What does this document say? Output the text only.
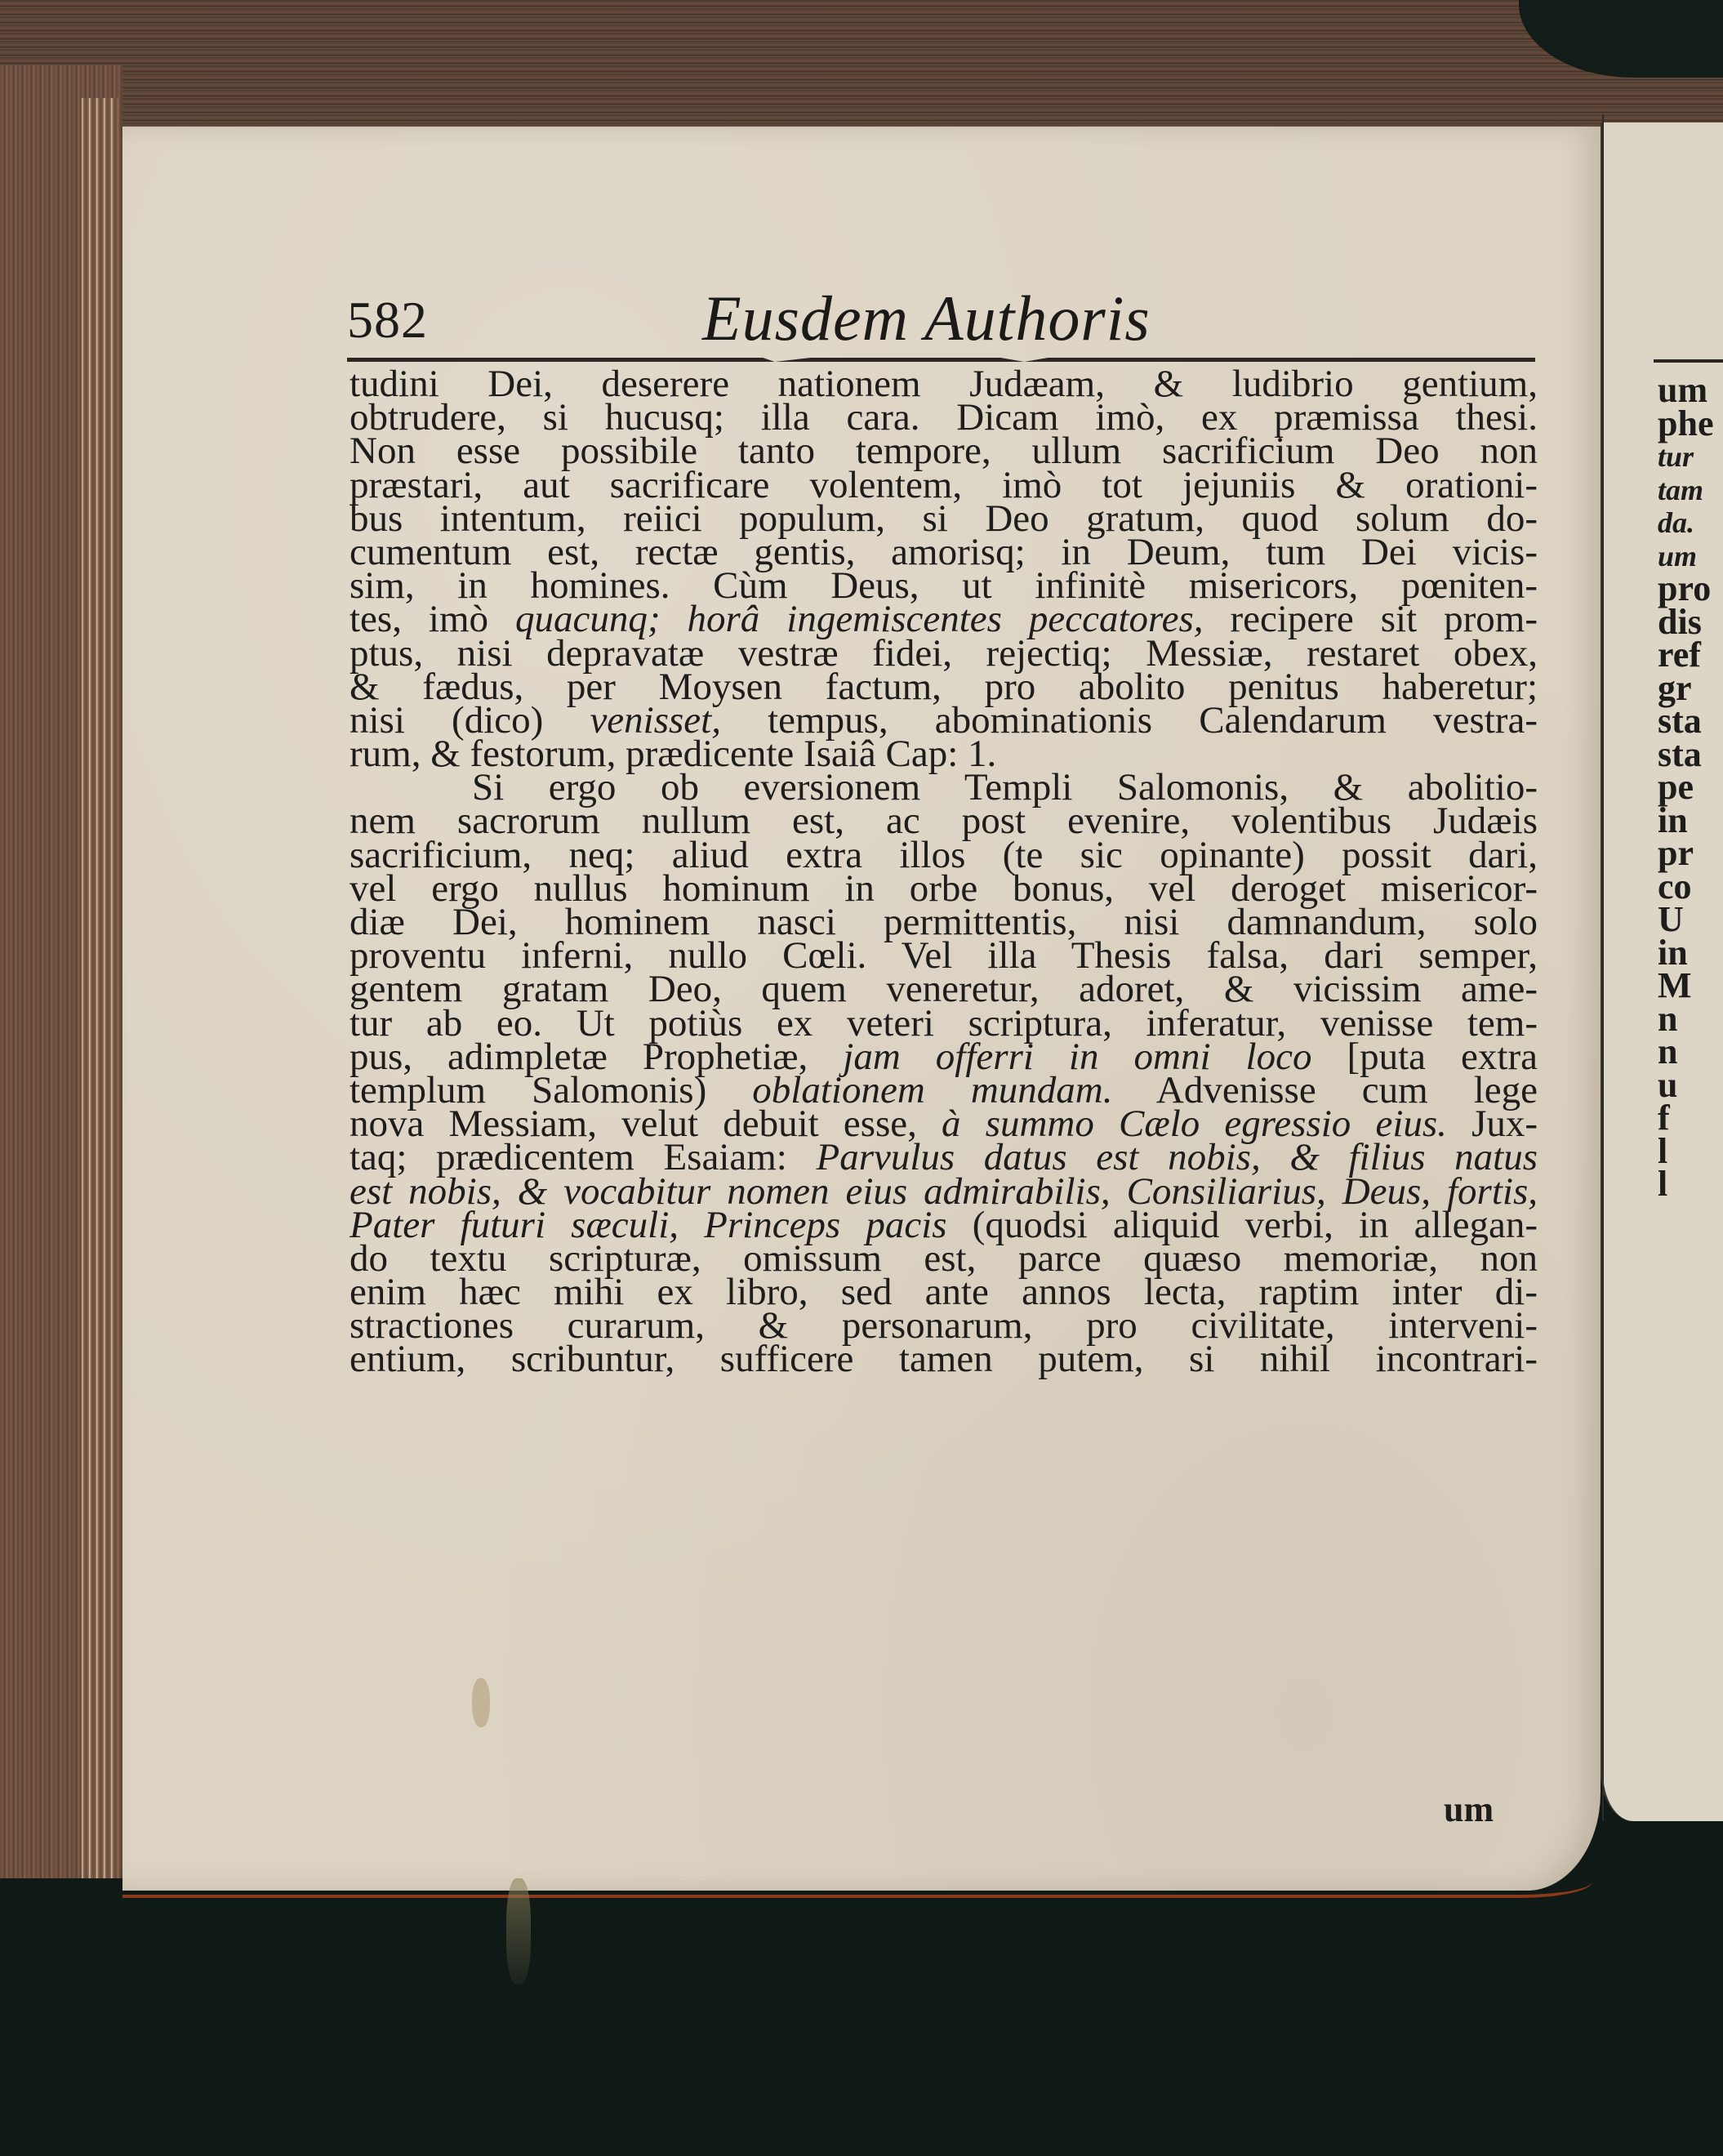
582	Eusdem Authoris
tudini Dei, deserere nationem Judæam, & ludibrio gentium,
obtrudere, si hucusq; illa cara. Dicam imò, ex præmissa thesi.
Non esse possibile tanto tempore, ullum sacrificium Deo non
præstari, aut sacrificare volentem, imò tot jejuniis & orationi-
bus intentum, reiici populum, si Deo gratum, quod solum do-
cumentum est, rectæ gentis, amorisq; in Deum, tum Dei vicis-
sim, in homines. Cùm Deus, ut infinitè misericors, pœniten-
tes, imò quacunq; horâ ingemiscentes peccatores, recipere sit prom-
ptus, nisi depravatæ vestræ fidei, rejectiq; Messiæ, restaret obex,
& fædus, per Moysen factum, pro abolito penitus haberetur;
nisi (dico) venisset, tempus, abominationis Calendarum vestra-
rum, & festorum, prædicente Isaiâ Cap: 1.
Si ergo ob eversionem Templi Salomonis, & abolitio-
nem sacrorum nullum est, ac post evenire, volentibus Judæis
sacrificium, neq; aliud extra illos (te sic opinante) possit dari,
vel ergo nullus hominum in orbe bonus, vel deroget misericor-
diæ Dei, hominem nasci permittentis, nisi damnandum, solo
proventu inferni, nullo Cœli. Vel illa Thesis falsa, dari semper,
gentem gratam Deo, quem veneretur, adoret, & vicissim ame-
tur ab eo. Ut potiùs ex veteri scriptura, inferatur, venisse tem-
pus, adimpletæ Prophetiæ, jam offerri in omni loco [puta extra
templum Salomonis) oblationem mundam. Advenisse cum lege
nova Messiam, velut debuit esse, à summo Cælo egressio eius. Jux-
taq; prædicentem Esaiam: Parvulus datus est nobis, & filius natus
est nobis, & vocabitur nomen eius admirabilis, Consiliarius, Deus, fortis,
Pater futuri sæculi, Princeps pacis (quodsi aliquid verbi, in allegan-
do textu scripturæ, omissum est, parce quæso memoriæ, non
enim hæc mihi ex libro, sed ante annos lecta, raptim inter di-
stractiones curarum, & personarum, pro civilitate, interveni-
entium, scribuntur, sufficere tamen putem, si nihil incontrari-
um
um
phe
tur
tam
da.
um
pro
dis
ref
gr
sta
sta
pe
in
pr
co
U
in
M
n
n
u
f
l
l
